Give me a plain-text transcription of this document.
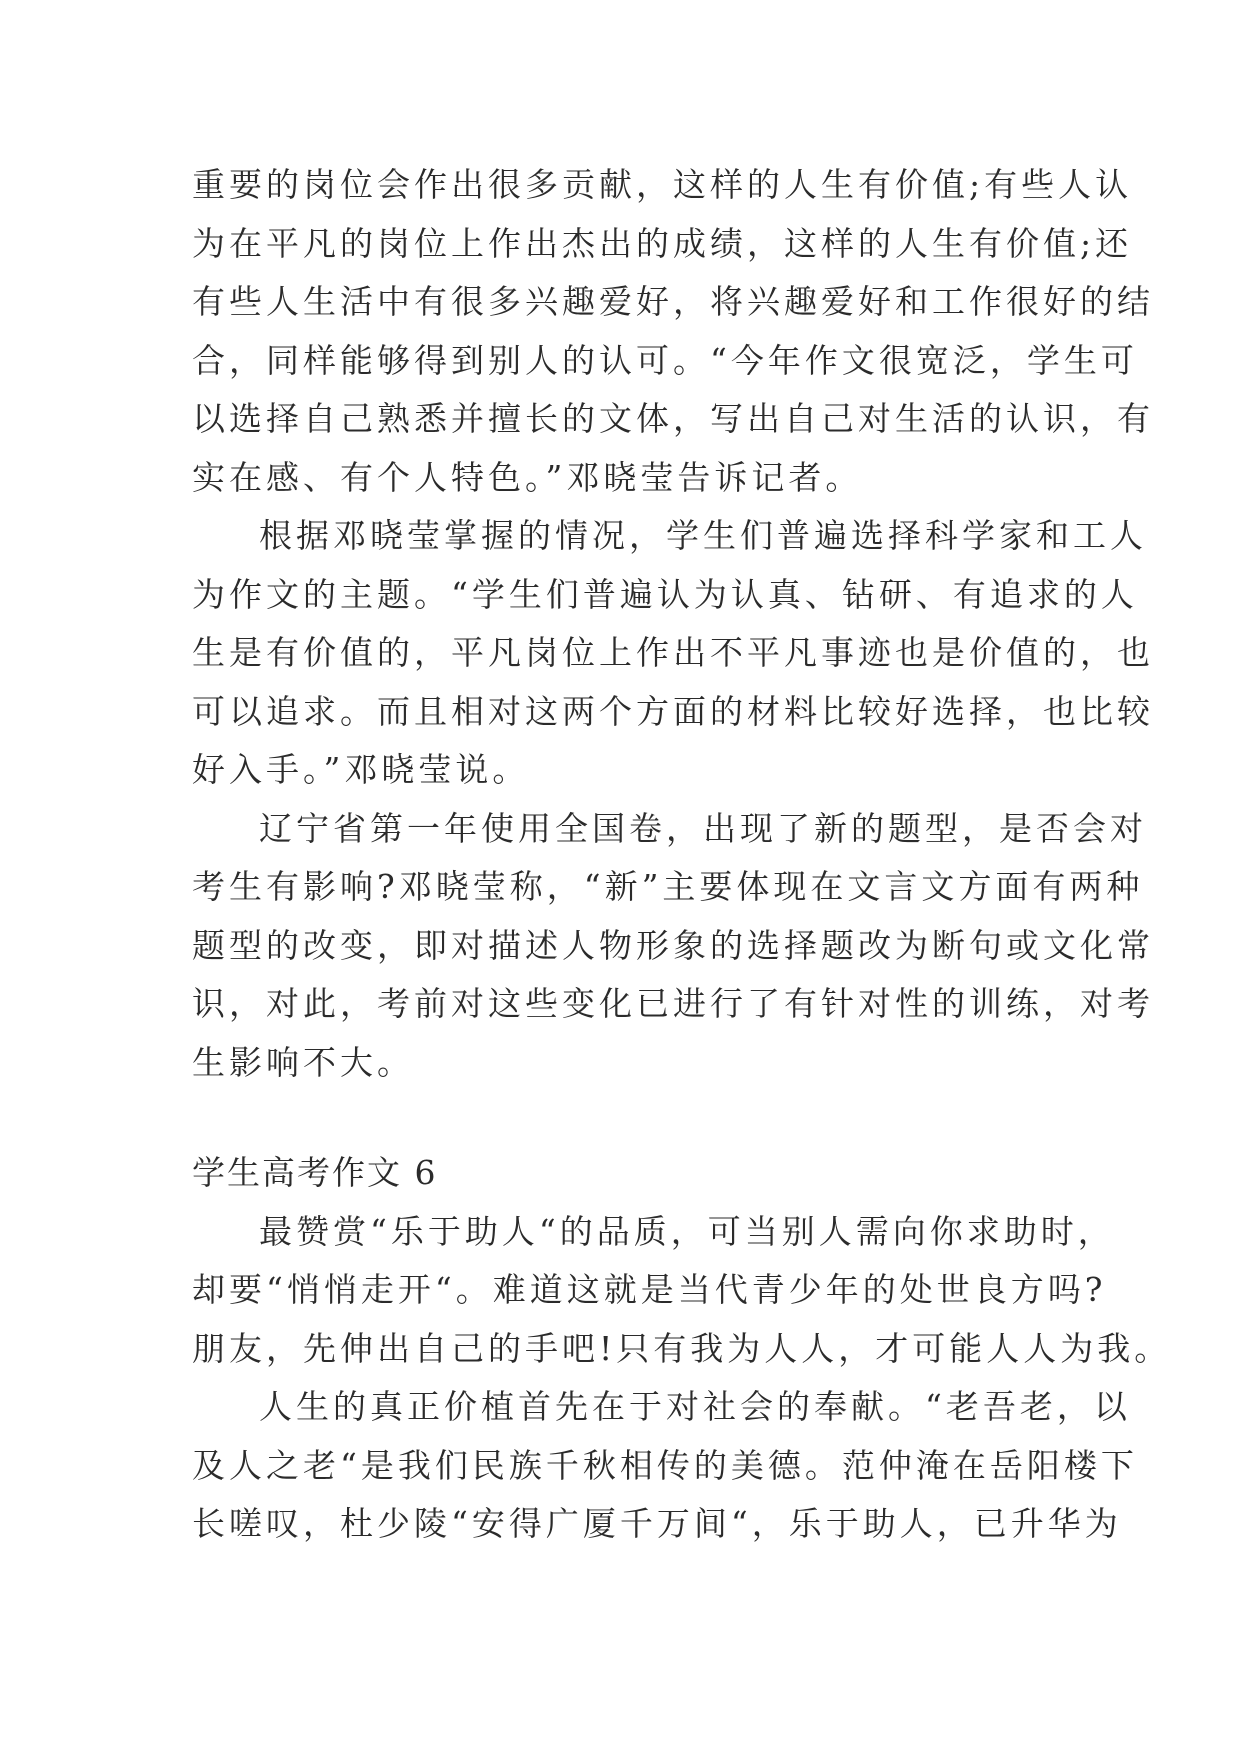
重要的岗位会作出很多贡献，这样的人生有价值;有些人认
为在平凡的岗位上作出杰出的成绩，这样的人生有价值;还
有些人生活中有很多兴趣爱好，将兴趣爱好和工作很好的结
合，同样能够得到别人的认可。“今年作文很宽泛，学生可
以选择自己熟悉并擅长的文体，写出自己对生活的认识，有
实在感、有个人特色。”邓晓莹告诉记者。
根据邓晓莹掌握的情况，学生们普遍选择科学家和工人
为作文的主题。“学生们普遍认为认真、钻研、有追求的人
生是有价值的，平凡岗位上作出不平凡事迹也是价值的，也
可以追求。而且相对这两个方面的材料比较好选择，也比较
好入手。”邓晓莹说。
辽宁省第一年使用全国卷，出现了新的题型，是否会对
考生有影响?邓晓莹称，“新”主要体现在文言文方面有两种
题型的改变，即对描述人物形象的选择题改为断句或文化常
识，对此，考前对这些变化已进行了有针对性的训练，对考
生影响不大。
学生高考作文 6
最赞赏“乐于助人“的品质，可当别人需向你求助时，
却要“悄悄走开“。难道这就是当代青少年的处世良方吗?
朋友，先伸出自己的手吧!只有我为人人，才可能人人为我。
人生的真正价植首先在于对社会的奉献。“老吾老，以
及人之老“是我们民族千秋相传的美德。范仲淹在岳阳楼下
长嗟叹，杜少陵“安得广厦千万间“，乐于助人，已升华为
